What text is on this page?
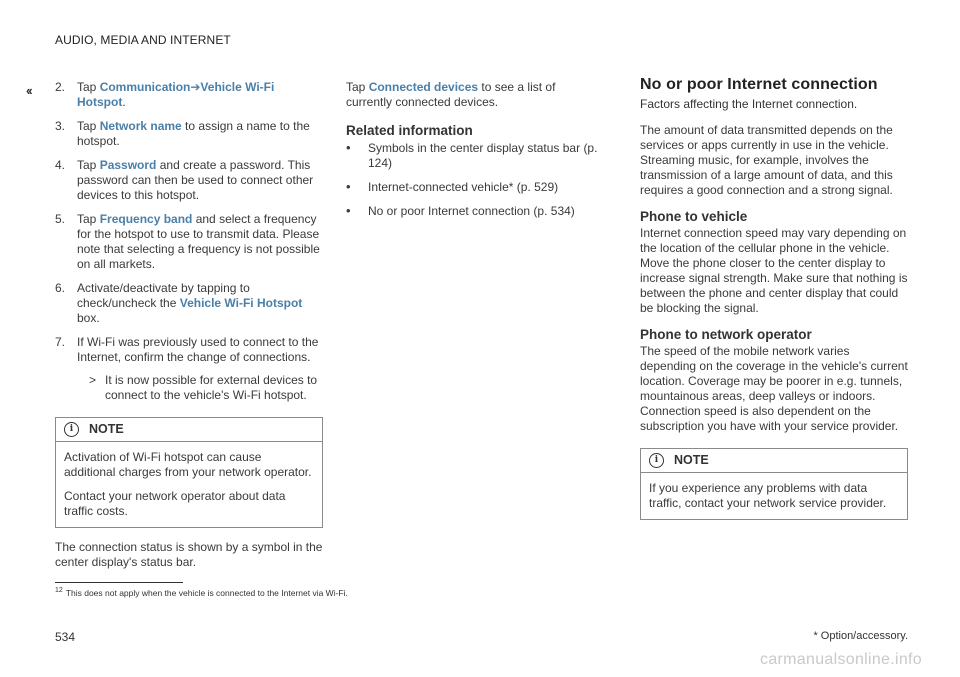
AUDIO, MEDIA AND INTERNET
‹‹ 2. Tap Communication➔Vehicle Wi-Fi Hotspot.
3. Tap Network name to assign a name to the hotspot.
4. Tap Password and create a password. This password can then be used to connect other devices to this hotspot.
5. Tap Frequency band and select a frequency for the hotspot to use to transmit data. Please note that selecting a frequency is not possible on all markets.
6. Activate/deactivate by tapping to check/uncheck the Vehicle Wi-Fi Hotspot box.
7. If Wi-Fi was previously used to connect to the Internet, confirm the change of connections.
> It is now possible for external devices to connect to the vehicle's Wi-Fi hotspot.
i	NOTE

Activation of Wi-Fi hotspot can cause additional charges from your network operator.

Contact your network operator about data traffic costs.

The connection status is shown by a symbol in the center display's status bar.

Tap Connected devices to see a list of currently connected devices.

Related information
• Symbols in the center display status bar (p. 124)
• Internet-connected vehicle* (p. 529)
• No or poor Internet connection (p. 534)
No or poor Internet connection

Factors affecting the Internet connection.

The amount of data transmitted depends on the services or apps currently in use in the vehicle. Streaming music, for example, involves the transmission of a large amount of data, and this requires a good connection and a strong signal.

Phone to vehicle

Internet connection speed may vary depending on the location of the cellular phone in the vehicle. Move the phone closer to the center display to increase signal strength. Make sure that nothing is between the phone and center display that could be blocking the signal.

Phone to network operator

The speed of the mobile network varies depending on the coverage in the vehicle's current location. Coverage may be poorer in e.g. tunnels, mountainous areas, deep valleys or indoors. Connection speed is also dependent on the subscription you have with your service provider.

i	NOTE

If you experience any problems with data traffic, contact your network service provider.

$^{12}$ This does not apply when the vehicle is connected to the Internet via Wi-Fi.
534	* Option/accessory.
carmanualsonline.info
